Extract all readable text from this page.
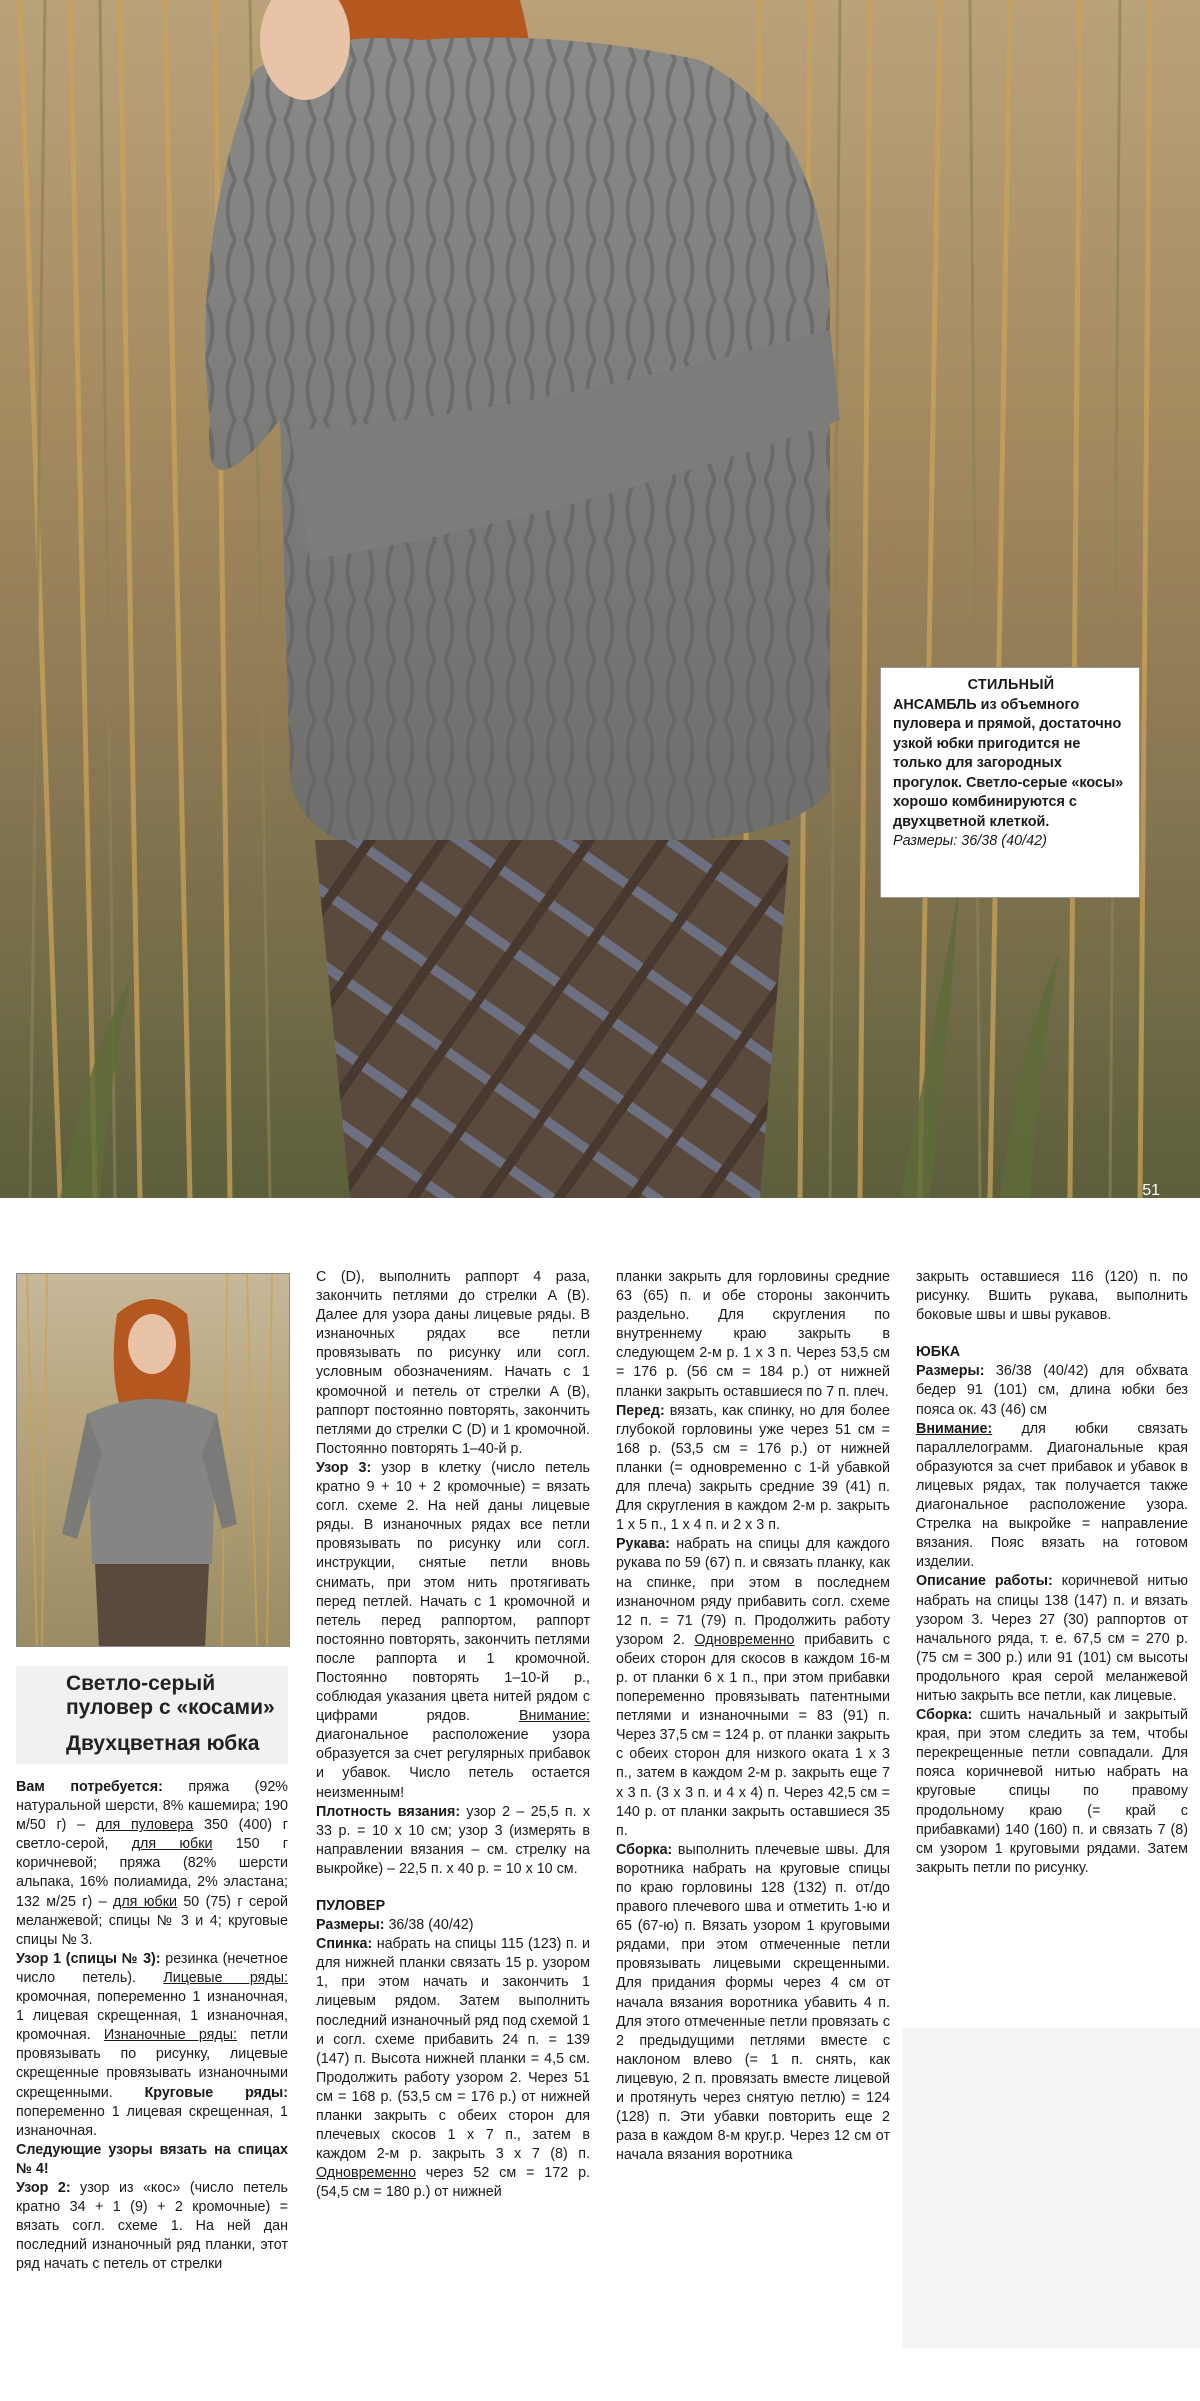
51
СТИЛЬНЫЙ
АНСАМБЛЬ из объемного пуловера и прямой, достаточно узкой юбки пригодится не только для загородных прогулок. Светло-серые «косы» хорошо комбинируются с двухцветной клеткой.
Размеры: 36/38 (40/42)
Светло-серый пуловер с «косами»
Двухцветная юбка

Вам потребуется: пряжа (92% натуральной шерсти, 8% кашемира; 190 м/50 г) – для пуловера 350 (400) г светло-серой, для юбки 150 г коричневой; пряжа (82% шерсти альпака, 16% полиамида, 2% эластана; 132 м/25 г) – для юбки 50 (75) г серой меланжевой; спицы № 3 и 4; круговые спицы № 3.

Узор 1 (спицы № 3): резинка (нечетное число петель). Лицевые ряды: кромочная, попеременно 1 изнаночная, 1 лицевая скрещенная, 1 изнаночная, кромочная. Изнаночные ряды: петли провязывать по рисунку, лицевые скрещенные провязывать изнаночными скрещенными. Круговые ряды: попеременно 1 лицевая скрещенная, 1 изнаночная.

Следующие узоры вязать на спицах № 4!

Узор 2: узор из «кос» (число петель кратно 34 + 1 (9) + 2 кромочные) = вязать согл. схеме 1. На ней дан последний изнаночный ряд планки, этот ряд начать с петель от стрелки

C (D), выполнить раппорт 4 раза, закончить петлями до стрелки A (B). Далее для узора даны лицевые ряды. В изнаночных рядах все петли провязывать по рисунку или согл. условным обозначениям. Начать с 1 кромочной и петель от стрелки A (B), раппорт постоянно повторять, закончить петлями до стрелки C (D) и 1 кромочной. Постоянно повторять 1–40-й р.

Узор 3: узор в клетку (число петель кратно 9 + 10 + 2 кромочные) = вязать согл. схеме 2. На ней даны лицевые ряды. В изнаночных рядах все петли провязывать по рисунку или согл. инструкции, снятые петли вновь снимать, при этом нить протягивать перед петлей. Начать с 1 кромочной и петель перед раппортом, раппорт постоянно повторять, закончить петлями после раппорта и 1 кромочной. Постоянно повторять 1–10-й р., соблюдая указания цвета нитей рядом с цифрами рядов. Внимание: диагональное расположение узора образуется за счет регулярных прибавок и убавок. Число петель остается неизменным!

Плотность вязания: узор 2 – 25,5 п. x 33 р. = 10 x 10 см; узор 3 (измерять в направлении вязания – см. стрелку на выкройке) – 22,5 п. x 40 р. = 10 x 10 см.

ПУЛОВЕР

Размеры: 36/38 (40/42)

Спинка: набрать на спицы 115 (123) п. и для нижней планки связать 15 р. узором 1, при этом начать и закончить 1 лицевым рядом. Затем выполнить последний изнаночный ряд под схемой 1 и согл. схеме прибавить 24 п. = 139 (147) п. Высота нижней планки = 4,5 см. Продолжить работу узором 2. Через 51 см = 168 р. (53,5 см = 176 р.) от нижней планки закрыть с обеих сторон для плечевых скосов 1 x 7 п., затем в каждом 2-м р. закрыть 3 x 7 (8) п. Одновременно через 52 см = 172 р. (54,5 см = 180 р.) от нижней

планки закрыть для горловины средние 63 (65) п. и обе стороны закончить раздельно. Для скругления по внутреннему краю закрыть в следующем 2-м р. 1 x 3 п. Через 53,5 см = 176 р. (56 см = 184 р.) от нижней планки закрыть оставшиеся по 7 п. плеч.

Перед: вязать, как спинку, но для более глубокой горловины уже через 51 см = 168 р. (53,5 см = 176 р.) от нижней планки (= одновременно с 1-й убавкой для плеча) закрыть средние 39 (41) п. Для скругления в каждом 2-м р. закрыть 1 x 5 п., 1 x 4 п. и 2 x 3 п.

Рукава: набрать на спицы для каждого рукава по 59 (67) п. и связать планку, как на спинке, при этом в последнем изнаночном ряду прибавить согл. схеме 12 п. = 71 (79) п. Продолжить работу узором 2. Одновременно прибавить с обеих сторон для скосов в каждом 16-м р. от планки 6 x 1 п., при этом прибавки попеременно провязывать патентными петлями и изнаночными = 83 (91) п. Через 37,5 см = 124 р. от планки закрыть с обеих сторон для низкого оката 1 x 3 п., затем в каждом 2-м р. закрыть еще 7 x 3 п. (3 x 3 п. и 4 x 4) п. Через 42,5 см = 140 р. от планки закрыть оставшиеся 35 п.

Сборка: выполнить плечевые швы. Для воротника набрать на круговые спицы по краю горловины 128 (132) п. от/до правого плечевого шва и отметить 1-ю и 65 (67-ю) п. Вязать узором 1 круговыми рядами, при этом отмеченные петли провязывать лицевыми скрещенными. Для придания формы через 4 см от начала вязания воротника убавить 4 п. Для этого отмеченные петли провязать с 2 предыдущими петлями вместе с наклоном влево (= 1 п. снять, как лицевую, 2 п. провязать вместе лицевой и протянуть через снятую петлю) = 124 (128) п. Эти убавки повторить еще 2 раза в каждом 8-м круг.р. Через 12 см от начала вязания воротника

закрыть оставшиеся 116 (120) п. по рисунку. Вшить рукава, выполнить боковые швы и швы рукавов.

ЮБКА

Размеры: 36/38 (40/42) для обхвата бедер 91 (101) см, длина юбки без пояса ок. 43 (46) см

Внимание: для юбки связать параллелограмм. Диагональные края образуются за счет прибавок и убавок в лицевых рядах, так получается также диагональное расположение узора. Стрелка на выкройке = направление вязания. Пояс вязать на готовом изделии.

Описание работы: коричневой нитью набрать на спицы 138 (147) п. и вязать узором 3. Через 27 (30) раппортов от начального ряда, т. е. 67,5 см = 270 р. (75 см = 300 р.) или 91 (101) см высоты продольного края серой меланжевой нитью закрыть все петли, как лицевые.

Сборка: сшить начальный и закрытый края, при этом следить за тем, чтобы перекрещенные петли совпадали. Для пояса коричневой нитью набрать на круговые спицы по правому продольному краю (= край с прибавками) 140 (160) п. и связать 7 (8) см узором 1 круговыми рядами. Затем закрыть петли по рисунку.
